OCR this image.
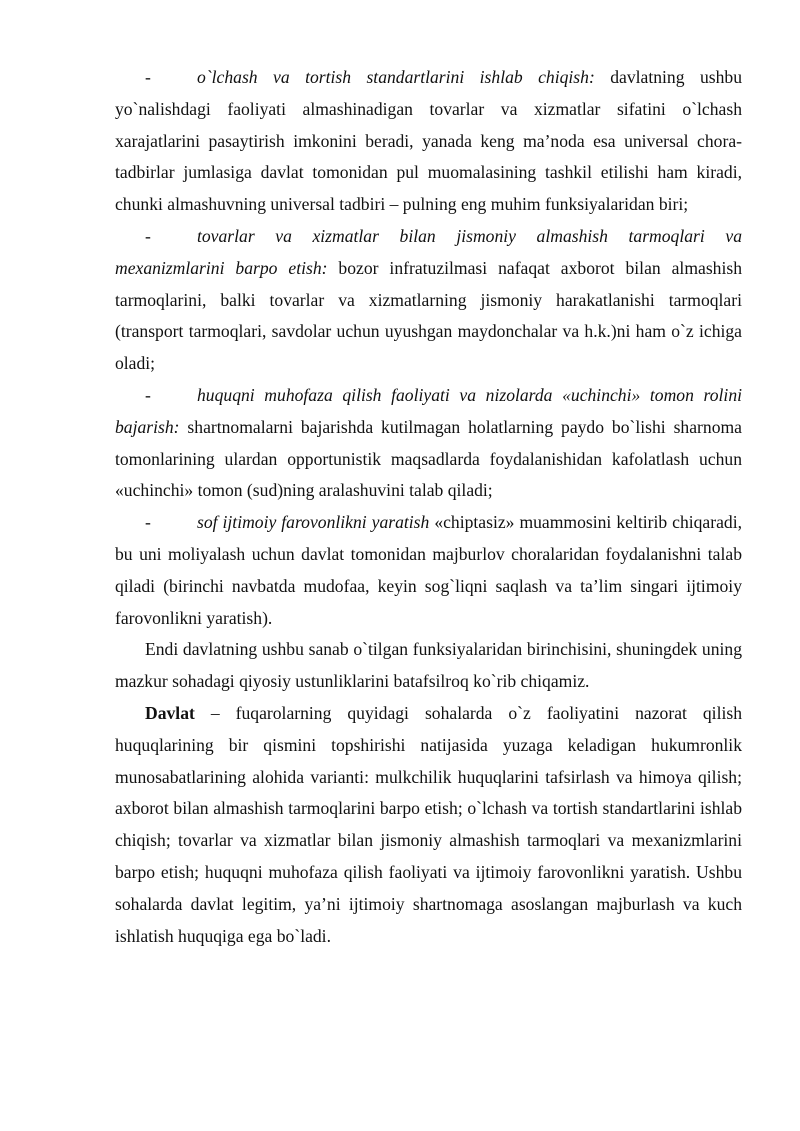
-	o`lchash va tortish standartlarini ishlab chiqish: davlatning ushbu yo`nalishdagi faoliyati almashinadigan tovarlar va xizmatlar sifatini o`lchash xarajatlarini pasaytirish imkonini beradi, yanada keng ma’noda esa universal chora-tadbirlar jumlasiga davlat tomonidan pul muomalasining tashkil etilishi ham kiradi, chunki almashuvning universal tadbiri – pulning eng muhim funksiyalaridan biri;

-	tovarlar va xizmatlar bilan jismoniy almashish tarmoqlari va mexanizmlarini barpo etish: bozor infratuzilmasi nafaqat axborot bilan almashish tarmoqlarini, balki tovarlar va xizmatlarning jismoniy harakatlanishi tarmoqlari (transport tarmoqlari, savdolar uchun uyushgan maydonchalar va h.k.)ni ham o`z ichiga oladi;

-	huquqni muhofaza qilish faoliyati va nizolarda «uchinchi» tomon rolini bajarish: shartnomalarni bajarishda kutilmagan holatlarning paydo bo`lishi sharnoma tomonlarining ulardan opportunistik maqsadlarda foydalanishidan kafolatlash uchun «uchinchi» tomon (sud)ning aralashuvini talab qiladi;

-	sof ijtimoiy farovonlikni yaratish «chiptasiz» muammosini keltirib chiqaradi, bu uni moliyalash uchun davlat tomonidan majburlov choralaridan foydalanishni talab qiladi (birinchi navbatda mudofaa, keyin sog`liqni saqlash va ta’lim singari ijtimoiy farovonlikni yaratish).

Endi davlatning ushbu sanab o`tilgan funksiyalaridan birinchisini, shuningdek uning mazkur sohadagi qiyosiy ustunliklarini batafsilroq ko`rib chiqamiz.

Davlat – fuqarolarning quyidagi sohalarda o`z faoliyatini nazorat qilish huquqlarining bir qismini topshirishi natijasida yuzaga keladigan hukumronlik munosabatlarining alohida varianti: mulkchilik huquqlarini tafsirlash va himoya qilish; axborot bilan almashish tarmoqlarini barpo etish; o`lchash va tortish standartlarini ishlab chiqish; tovarlar va xizmatlar bilan jismoniy almashish tarmoqlari va mexanizmlarini barpo etish; huquqni muhofaza qilish faoliyati va ijtimoiy farovonlikni yaratish. Ushbu sohalarda davlat legitim, ya’ni ijtimoiy shartnomaga asoslangan majburlash va kuch ishlatish huquqiga ega bo`ladi.
